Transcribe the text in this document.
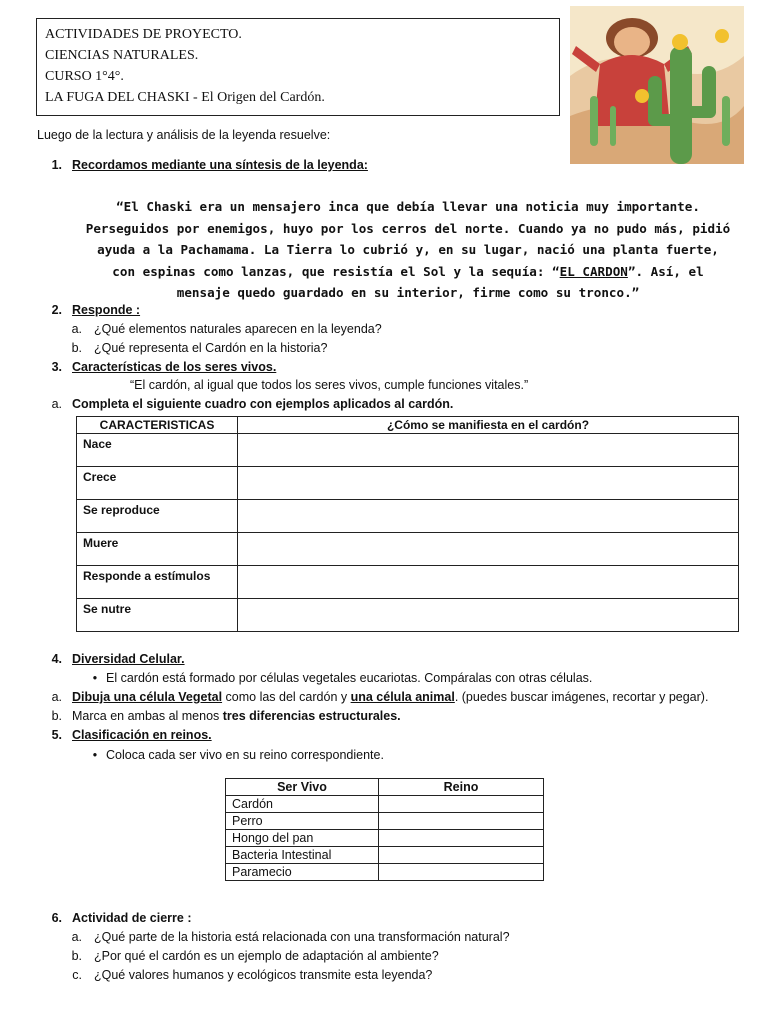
ACTIVIDADES DE PROYECTO.
CIENCIAS NATURALES.
CURSO 1°4°.
LA FUGA DEL CHASKI - El Origen del Cardón.
Luego de la lectura y análisis de la leyenda resuelve:
1. Recordamos mediante una síntesis de la leyenda:
“El Chaski era un mensajero inca que debía llevar una noticia muy importante. Perseguidos por enemigos, huyo por los cerros del norte. Cuando ya no pudo más, pidió ayuda a la Pachamama. La Tierra lo cubrió y, en su lugar, nació una planta fuerte, con espinas como lanzas, que resistía el Sol y la sequía: “EL CARDON”. Así, el mensaje quedo guardado en su interior, firme como su tronco.”
2. Responde :
a. ¿Qué elementos naturales aparecen en la leyenda?
b. ¿Qué representa el Cardón en la historia?
3. Características de los seres vivos.
“El cardón, al igual que todos los seres vivos, cumple funciones vitales.”
a. Completa el siguiente cuadro con ejemplos aplicados al cardón.
CARACTERISTICAS	¿Cómo se manifiesta en el cardón?
Nace	
Crece	
Se reproduce	
Muere	
Responde a estímulos	
Se nutre	
4. Diversidad Celular.
• El cardón está formado por células vegetales eucariotas. Compáralas con otras células.
a. Dibuja una célula Vegetal como las del cardón y una célula animal. (puedes buscar imágenes, recortar y pegar).
b. Marca en ambas al menos tres diferencias estructurales.
5. Clasificación en reinos.
• Coloca cada ser vivo en su reino correspondiente.
Ser Vivo	Reino
Cardón	
Perro	
Hongo del pan	
Bacteria Intestinal	
Paramecio	
6. Actividad de cierre :
a. ¿Qué parte de la historia está relacionada con una transformación natural?
b. ¿Por qué el cardón es un ejemplo de adaptación al ambiente?
c. ¿Qué valores humanos y ecológicos transmite esta leyenda?
